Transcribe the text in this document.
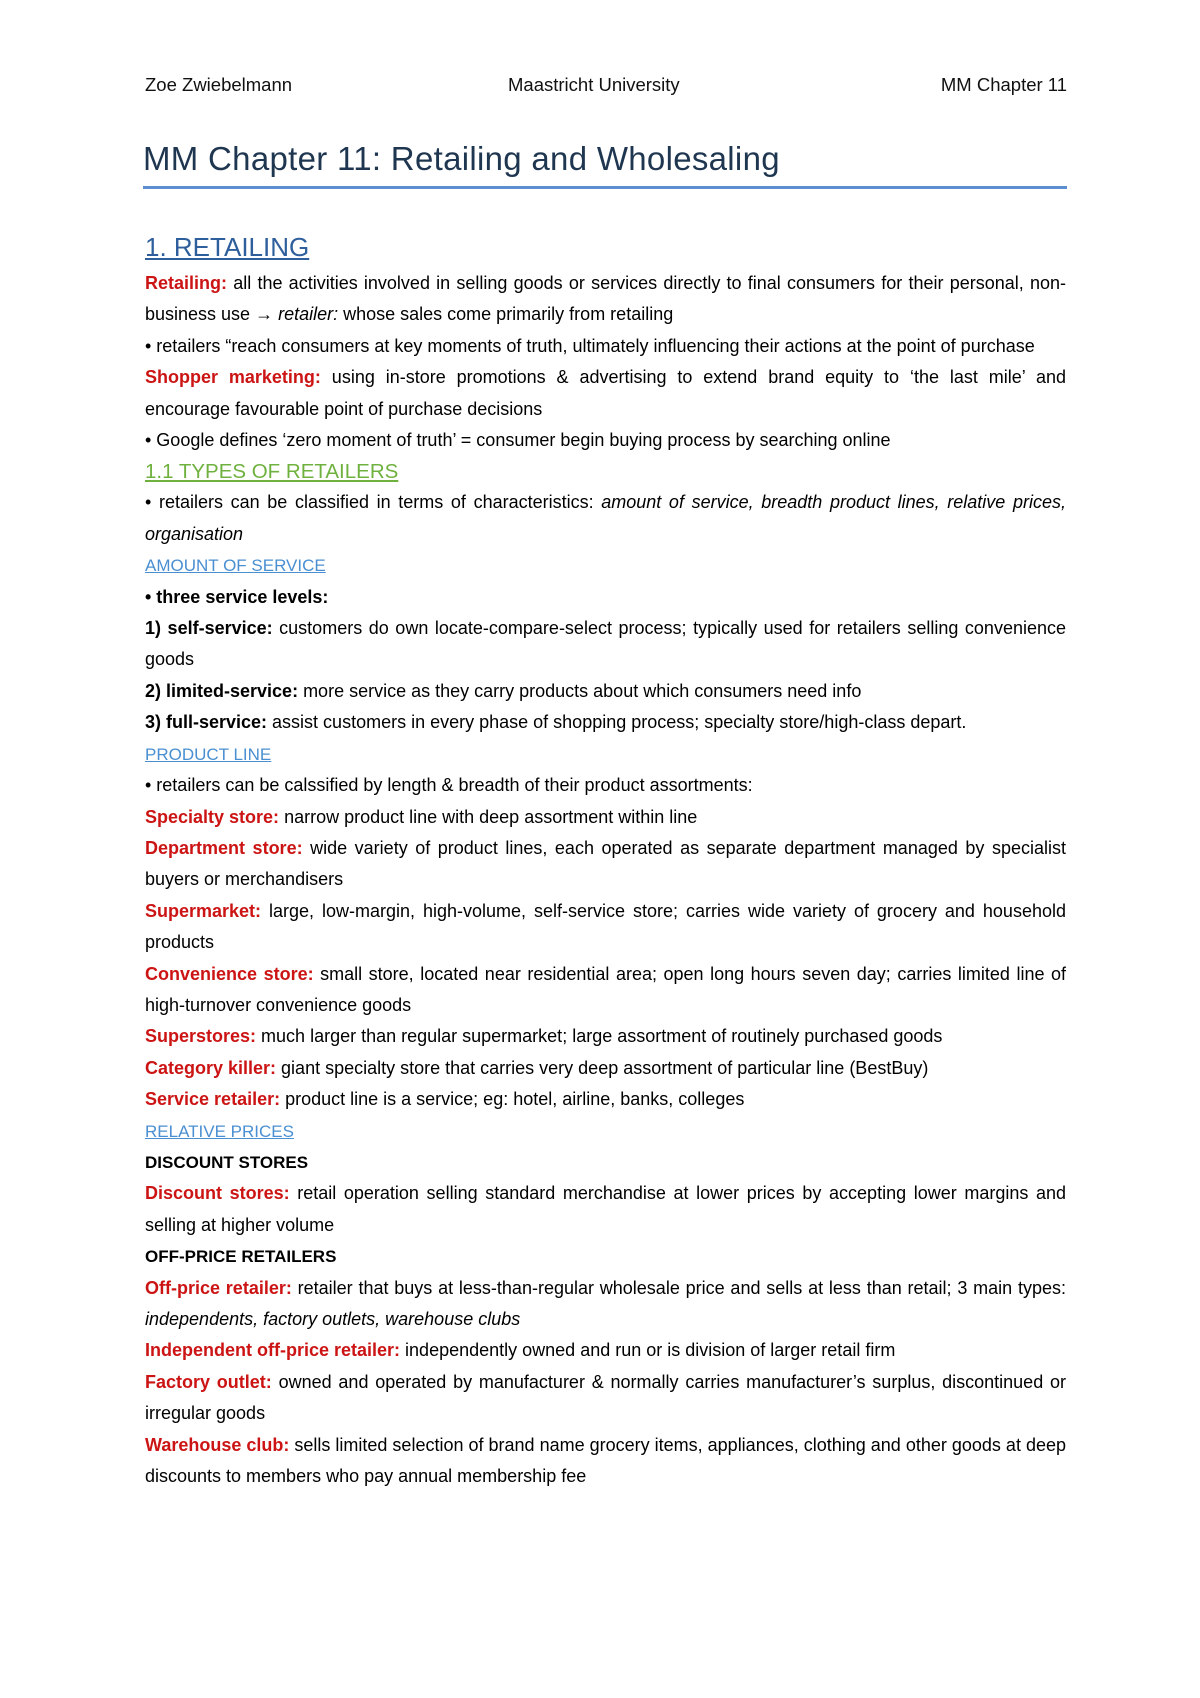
Zoe Zwiebelmann	Maastricht University	MM Chapter 11
MM Chapter 11: Retailing and Wholesaling
1. RETAILING

Retailing: all the activities involved in selling goods or services directly to final consumers for their personal, non-business use → retailer: whose sales come primarily from retailing

• retailers “reach consumers at key moments of truth, ultimately influencing their actions at the point of purchase

Shopper marketing: using in-store promotions & advertising to extend brand equity to ‘the last mile’ and encourage favourable point of purchase decisions

• Google defines ‘zero moment of truth’ = consumer begin buying process by searching online

1.1 TYPES OF RETAILERS

• retailers can be classified in terms of characteristics: amount of service, breadth product lines, relative prices, organisation

AMOUNT OF SERVICE

• three service levels:

1) self-service: customers do own locate-compare-select process; typically used for retailers selling convenience goods

2) limited-service: more service as they carry products about which consumers need info

3) full-service: assist customers in every phase of shopping process; specialty store/high-class depart.

PRODUCT LINE

• retailers can be calssified by length & breadth of their product assortments:

Specialty store: narrow product line with deep assortment within line

Department store: wide variety of product lines, each operated as separate department managed by specialist buyers or merchandisers

Supermarket: large, low-margin, high-volume, self-service store; carries wide variety of grocery and household products

Convenience store: small store, located near residential area; open long hours seven day; carries limited line of high-turnover convenience goods

Superstores: much larger than regular supermarket; large assortment of routinely purchased goods

Category killer: giant specialty store that carries very deep assortment of particular line (BestBuy)

Service retailer: product line is a service; eg: hotel, airline, banks, colleges

RELATIVE PRICES

DISCOUNT STORES

Discount stores: retail operation selling standard merchandise at lower prices by accepting lower margins and selling at higher volume

OFF-PRICE RETAILERS

Off-price retailer: retailer that buys at less-than-regular wholesale price and sells at less than retail; 3 main types: independents, factory outlets, warehouse clubs

Independent off-price retailer: independently owned and run or is division of larger retail firm

Factory outlet: owned and operated by manufacturer & normally carries manufacturer’s surplus, discontinued or irregular goods

Warehouse club: sells limited selection of brand name grocery items, appliances, clothing and other goods at deep discounts to members who pay annual membership fee
